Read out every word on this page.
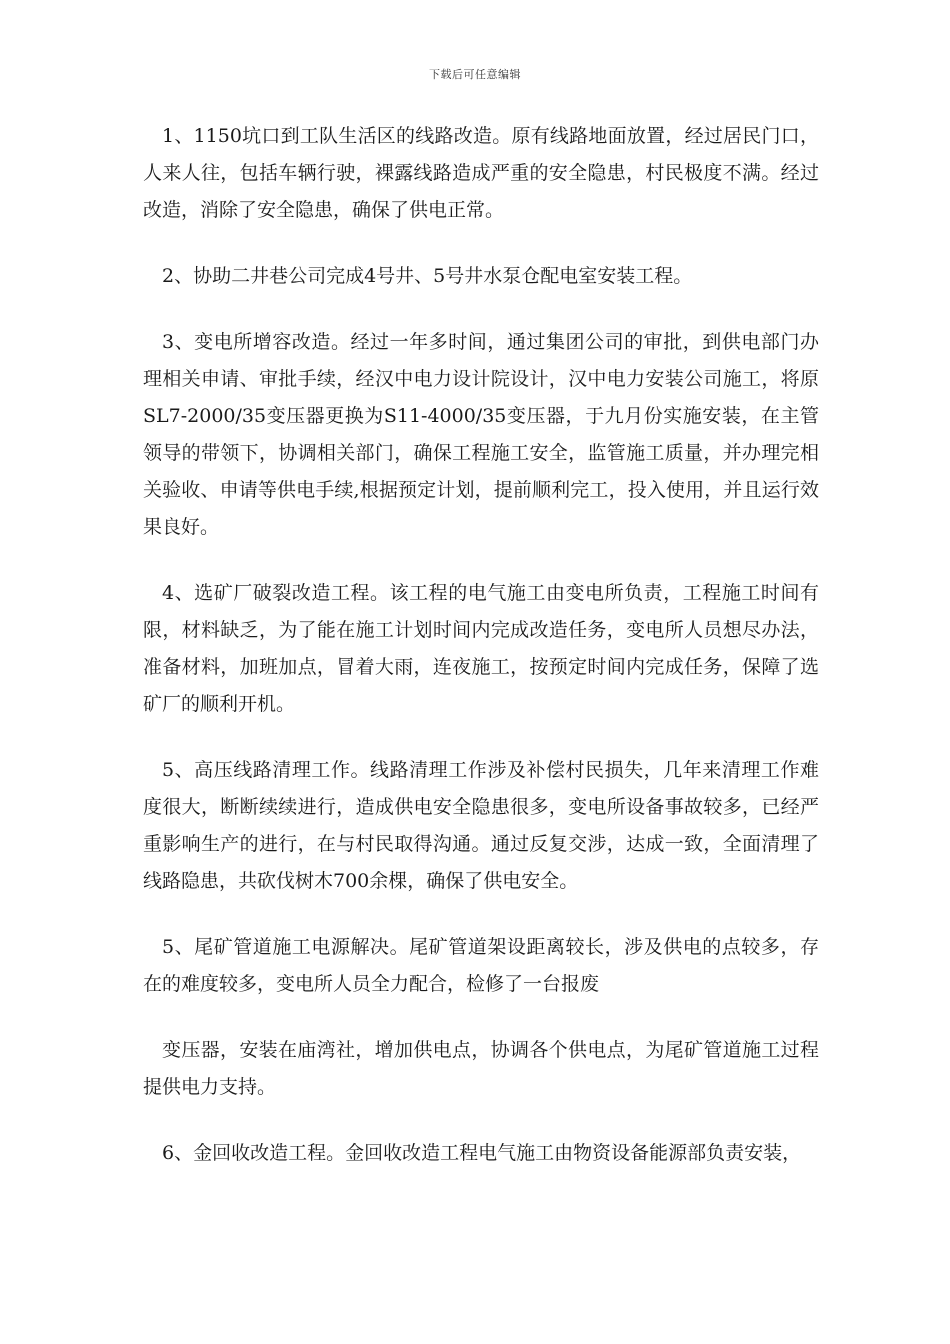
下载后可任意编辑

1、1150坑口到工队生活区的线路改造。原有线路地面放置，经过居民门口，人来人往，包括车辆行驶，裸露线路造成严重的安全隐患，村民极度不满。经过改造，消除了安全隐患，确保了供电正常。

2、协助二井巷公司完成4号井、5号井水泵仓配电室安装工程。

3、变电所增容改造。经过一年多时间，通过集团公司的审批，到供电部门办理相关申请、审批手续，经汉中电力设计院设计，汉中电力安装公司施工，将原SL7-2000/35变压器更换为S11-4000/35变压器，于九月份实施安装，在主管领导的带领下，协调相关部门，确保工程施工安全，监管施工质量，并办理完相关验收、申请等供电手续,根据预定计划，提前顺利完工，投入使用，并且运行效果良好。

4、选矿厂破裂改造工程。该工程的电气施工由变电所负责，工程施工时间有限，材料缺乏，为了能在施工计划时间内完成改造任务，变电所人员想尽办法，准备材料，加班加点，冒着大雨，连夜施工，按预定时间内完成任务，保障了选矿厂的顺利开机。

5、高压线路清理工作。线路清理工作涉及补偿村民损失，几年来清理工作难度很大，断断续续进行，造成供电安全隐患很多，变电所设备事故较多，已经严重影响生产的进行，在与村民取得沟通。通过反复交涉，达成一致，全面清理了线路隐患，共砍伐树木700余棵，确保了供电安全。

5、尾矿管道施工电源解决。尾矿管道架设距离较长，涉及供电的点较多，存在的难度较多，变电所人员全力配合，检修了一台报废

变压器，安装在庙湾社，增加供电点，协调各个供电点，为尾矿管道施工过程提供电力支持。

6、金回收改造工程。金回收改造工程电气施工由物资设备能源部负责安装，
